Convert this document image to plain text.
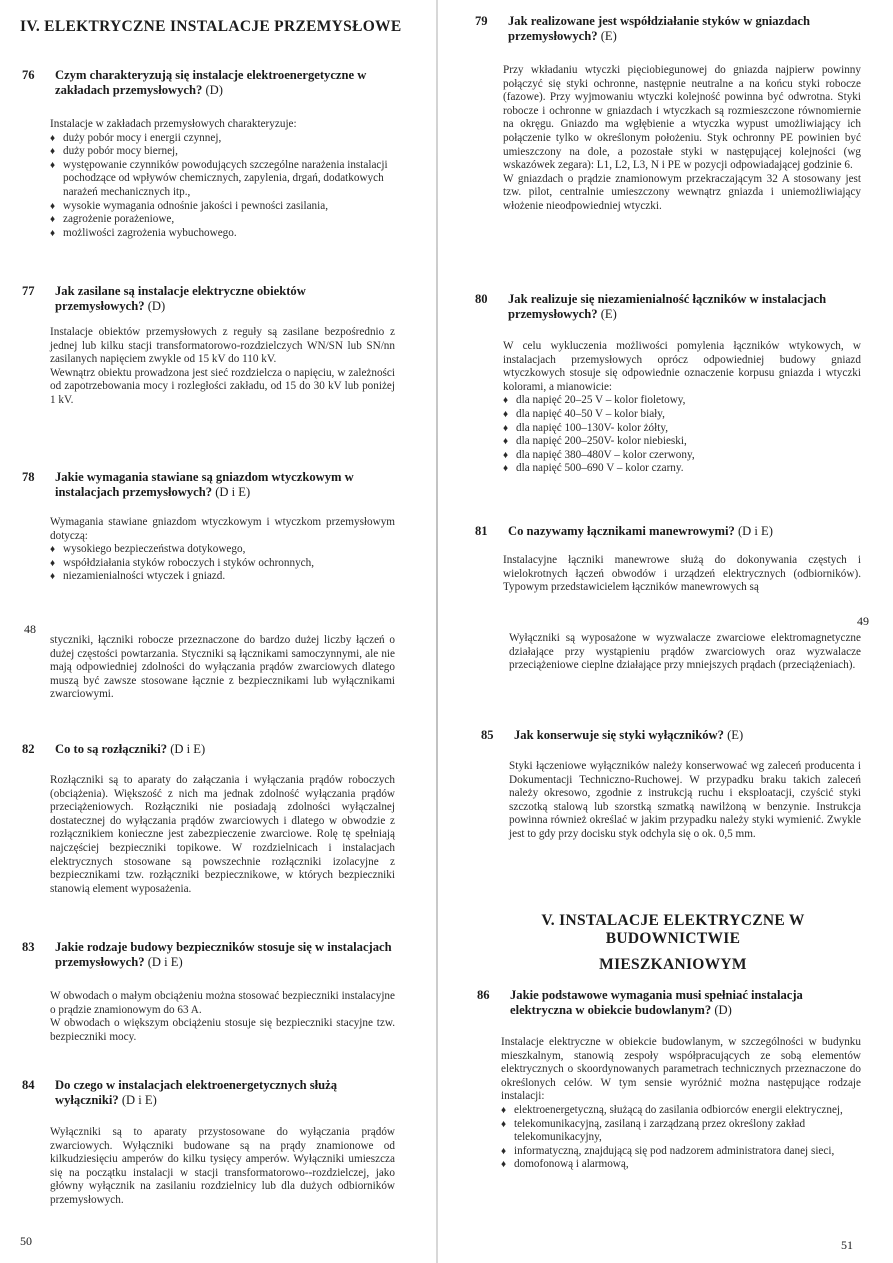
IV. ELEKTRYCZNE INSTALACJE PRZEMYSŁOWE
76 Czym charakteryzują się instalacje elektroenergetyczne w zakładach przemysłowych? (D)

Instalacje w zakładach przemysłowych charakteryzuje:

♦ duży pobór mocy i energii czynnej,
♦ duży pobór mocy biernej,
♦ występowanie czynników powodujących szczególne narażenia instalacji pochodzące od wpływów chemicznych, zapylenia, drgań, dodatkowych narażeń mechanicznych itp.,
♦ wysokie wymagania odnośnie jakości i pewności zasilania,
♦ zagrożenie porażeniowe,
♦ możliwości zagrożenia wybuchowego.
77 Jak zasilane są instalacje elektryczne obiektów przemysłowych? (D)

Instalacje obiektów przemysłowych z reguły są zasilane bezpośrednio z jednej lub kilku stacji transformatorowo-rozdzielczych WN/SN lub SN/nn zasilanych napięciem zwykle od 15 kV do 110 kV.

Wewnątrz obiektu prowadzona jest sieć rozdzielcza o napięciu, w zależności od zapotrzebowania mocy i rozległości zakładu, od 15 do 30 kV lub poniżej 1 kV.

78 Jakie wymagania stawiane są gniazdom wtyczkowym w instalacjach przemysłowych? (D i E)

Wymagania stawiane gniazdom wtyczkowym i wtyczkom przemysłowym dotyczą:

♦ wysokiego bezpieczeństwa dotykowego,
♦ współdziałania styków roboczych i styków ochronnych,
♦ niezamienialności wtyczek i gniazd.
48
styczniki, łączniki robocze przeznaczone do bardzo dużej liczby łączeń o dużej częstości powtarzania. Styczniki są łącznikami samoczynnymi, ale nie mają odpowiedniej zdolności do wyłączania prądów zwarciowych dlatego muszą być zawsze stosowane łącznie z bezpiecznikami lub wyłącznikami zwarciowymi.
82 Co to są rozłączniki? (D i E)
Rozłączniki są to aparaty do załączania i wyłączania prądów roboczych (obciążenia). Większość z nich ma jednak zdolność wyłączania prądów przeciążeniowych. Rozłączniki nie posiadają zdolności wyłączalnej dostatecznej do wyłączania prądów zwarciowych i dlatego w obwodzie z rozłącznikiem konieczne jest zabezpieczenie zwarciowe. Rolę tę spełniają najczęściej bezpieczniki topikowe. W rozdzielnicach i instalacjach elektrycznych stosowane są powszechnie rozłączniki izolacyjne z bezpiecznikami tzw. rozłączniki bezpiecznikowe, w których bezpieczniki stanowią element wyposażenia.
83 Jakie rodzaje budowy bezpieczników stosuje się w instalacjach przemysłowych? (D i E)

W obwodach o małym obciążeniu można stosować bezpieczniki instalacyjne o prądzie znamionowym do 63 A.

W obwodach o większym obciążeniu stosuje się bezpieczniki stacyjne tzw. bezpieczniki mocy.

84 Do czego w instalacjach elektroenergetycznych służą wyłączniki? (D i E)
Wyłączniki są to aparaty przystosowane do wyłączania prądów zwarciowych. Wyłączniki budowane są na prądy znamionowe od kilkudziesięciu amperów do kilku tysięcy amperów. Wyłączniki umieszcza się na początku instalacji w stacji transformatorowo--rozdzielczej, jako główny wyłącznik na zasilaniu rozdzielnicy lub dla dużych odbiorników przemysłowych.
50
79 Jak realizowane jest współdziałanie styków w gniazdach przemysłowych? (E)

Przy wkładaniu wtyczki pięciobiegunowej do gniazda najpierw powinny połączyć się styki ochronne, następnie neutralne a na końcu styki robocze (fazowe). Przy wyjmowaniu wtyczki kolejność powinna być odwrotna. Styki robocze i ochronne w gniazdach i wtyczkach są rozmieszczone równomiernie na okręgu. Gniazdo ma wgłębienie a wtyczka wypust umożliwiający ich połączenie tylko w określonym położeniu. Styk ochronny PE powinien być umieszczony na dole, a pozostałe styki w następującej kolejności (wg wskazówek zegara): L1, L2, L3, N i PE w pozycji odpowiadającej godzinie 6.

W gniazdach o prądzie znamionowym przekraczającym 32 A stosowany jest tzw. pilot, centralnie umieszczony wewnątrz gniazda i uniemożliwiający włożenie nieodpowiedniej wtyczki.

80 Jak realizuje się niezamienialność łączników w instalacjach przemysłowych? (E)

W celu wykluczenia możliwości pomylenia łączników wtykowych, w instalacjach przemysłowych oprócz odpowiedniej budowy gniazd wtyczkowych stosuje się odpowiednie oznaczenie korpusu gniazda i wtyczki kolorami, a mianowicie:

♦ dla napięć 20–25 V – kolor fioletowy,
♦ dla napięć 40–50 V – kolor biały,
♦ dla napięć 100–130V- kolor żółty,
♦ dla napięć 200–250V- kolor niebieski,
♦ dla napięć 380–480V – kolor czerwony,
♦ dla napięć 500–690 V – kolor czarny.
81 Co nazywamy łącznikami manewrowymi? (D i E)
Instalacyjne łączniki manewrowe służą do dokonywania częstych i wielokrotnych łączeń obwodów i urządzeń elektrycznych (odbiorników). Typowym przedstawicielem łączników manewrowych są
49
Wyłączniki są wyposażone w wyzwalacze zwarciowe elektromagnetyczne działające przy wystąpieniu prądów zwarciowych oraz wyzwalacze przeciążeniowe cieplne działające przy mniejszych prądach (przeciążeniach).
85 Jak konserwuje się styki wyłączników? (E)
Styki łączeniowe wyłączników należy konserwować wg zaleceń producenta i Dokumentacji Techniczno-Ruchowej. W przypadku braku takich zaleceń należy okresowo, zgodnie z instrukcją ruchu i eksploatacji, czyścić styki szczotką stalową lub szorstką szmatką nawilżoną w benzynie. Instrukcja powinna również określać w jakim przypadku należy styki wymienić. Zwykle jest to gdy przy docisku styk odchyla się o ok. 0,5 mm.
V. INSTALACJE ELEKTRYCZNE W BUDOWNICTWIE
MIESZKANIOWYM
86 Jakie podstawowe wymagania musi spełniać instalacja elektryczna w obiekcie budowlanym? (D)

Instalacje elektryczne w obiekcie budowlanym, w szczególności w budynku mieszkalnym, stanowią zespoły współpracujących ze sobą elementów elektrycznych o skoordynowanych parametrach technicznych przeznaczone do określonych celów. W tym sensie wyróżnić można następujące rodzaje instalacji:

♦ elektroenergetyczną, służącą do zasilania odbiorców energii elektrycznej,
♦ telekomunikacyjną, zasilaną i zarządzaną przez określony zakład telekomunikacyjny,
♦ informatyczną, znajdującą się pod nadzorem administratora danej sieci,
♦ domofonową i alarmową,
51
